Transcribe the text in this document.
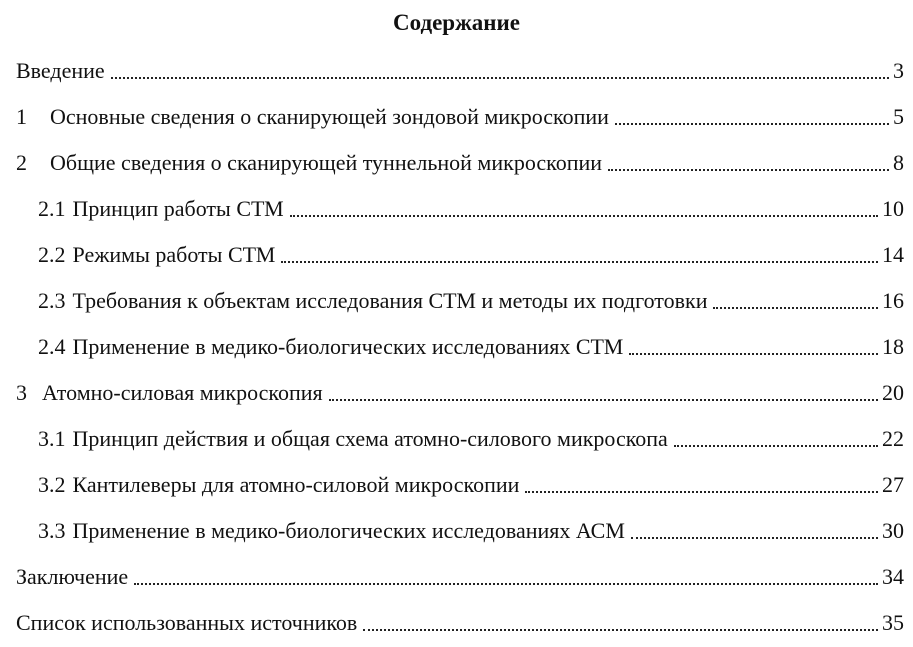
Содержание
Введение	3
1	Основные сведения о сканирующей зондовой микроскопии	5
2	Общие сведения о сканирующей туннельной микроскопии	8
2.1 Принцип работы СТМ	10
2.2 Режимы работы СТМ	14
2.3 Требования к объектам исследования СТМ и методы их подготовки	16
2.4 Применение в медико-биологических исследованиях СТМ	18
3 Атомно-силовая микроскопия	20
3.1 Принцип действия и общая схема атомно-силового микроскопа	22
3.2 Кантилеверы для атомно-силовой микроскопии	27
3.3 Применение в медико-биологических исследованиях АСМ	30
Заключение	34
Список использованных источников	35
